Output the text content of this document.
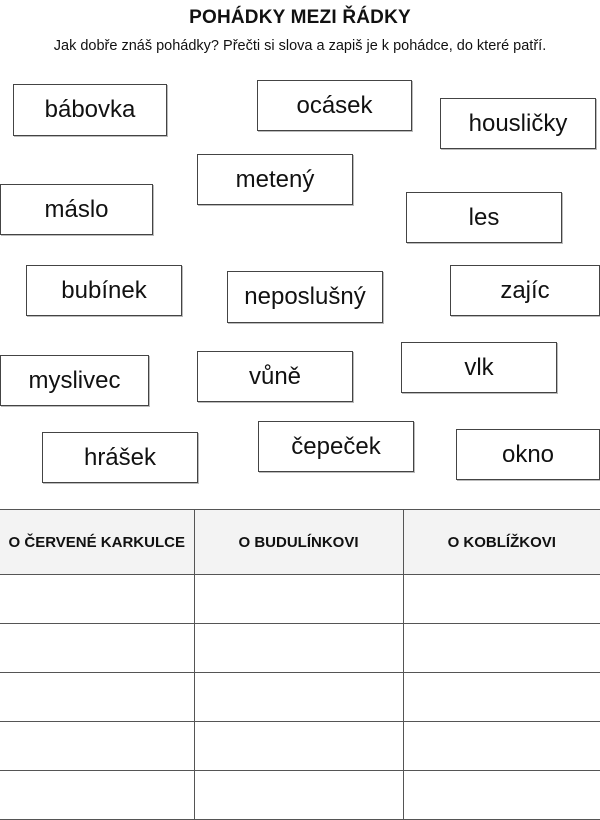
POHÁDKY MEZI ŘÁDKY
Jak dobře znáš pohádky? Přečti si slova a zapiš je k pohádce, do které patří.
bábovka	ocásek
housličky
metený
máslo	les
bubínek	neposlušný	zajíc
myslivec	vůně	vlk
hrášek	čepeček	okno
O ČERVENÉ KARKULCE	O BUDULÍNKOVI	O KOBLÍŽKOVI
